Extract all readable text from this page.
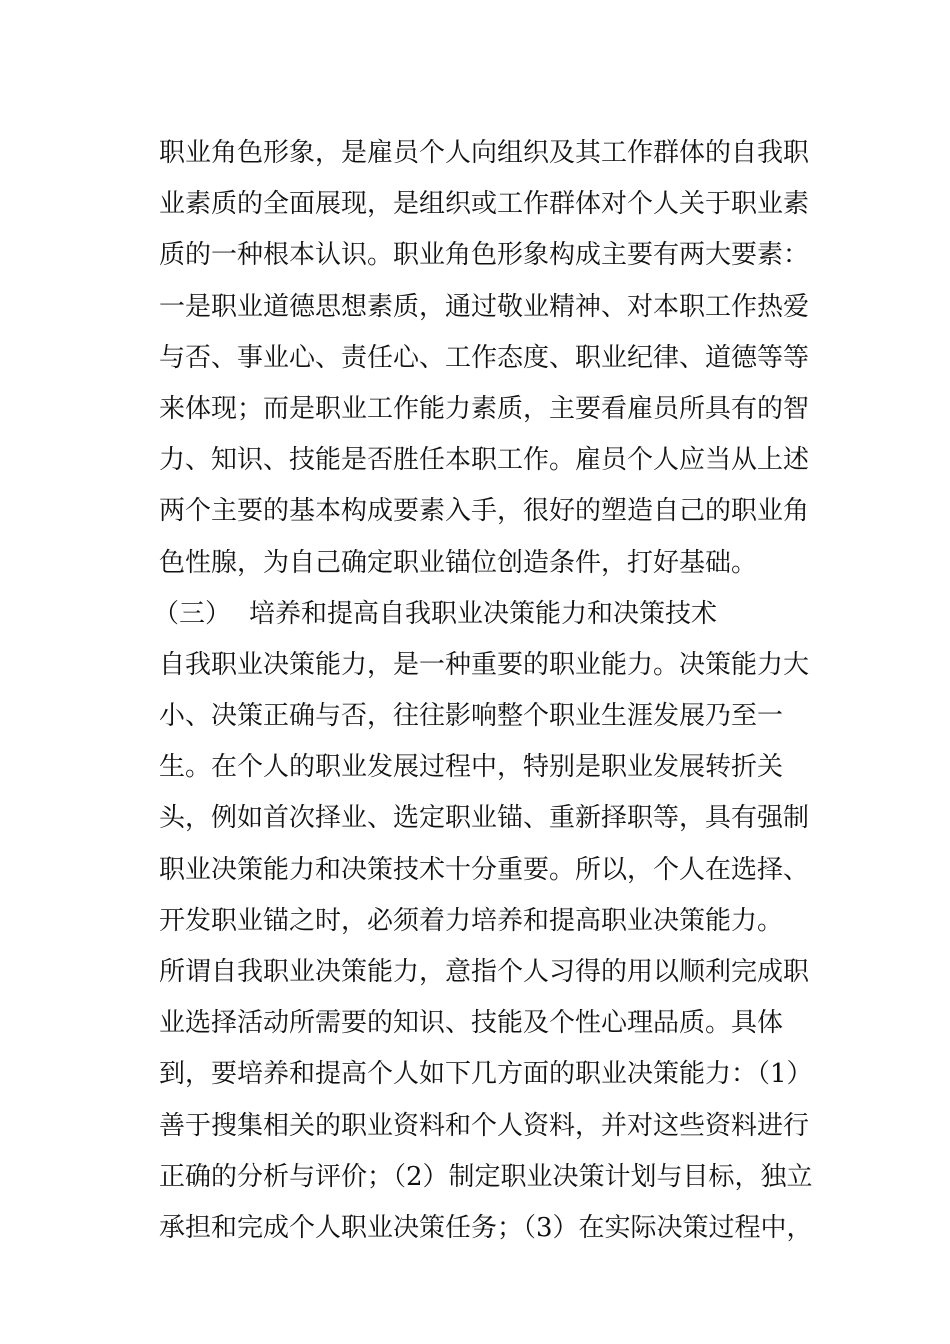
职业角色形象，是雇员个人向组织及其工作群体的自我职
业素质的全面展现，是组织或工作群体对个人关于职业素
质的一种根本认识。职业角色形象构成主要有两大要素：
一是职业道德思想素质，通过敬业精神、对本职工作热爱
与否、事业心、责任心、工作态度、职业纪律、道德等等
来体现；而是职业工作能力素质，主要看雇员所具有的智
力、知识、技能是否胜任本职工作。雇员个人应当从上述
两个主要的基本构成要素入手，很好的塑造自己的职业角
色性腺，为自己确定职业锚位创造条件，打好基础。
（三） 培养和提高自我职业决策能力和决策技术
自我职业决策能力，是一种重要的职业能力。决策能力大
小、决策正确与否，往往影响整个职业生涯发展乃至一
生。在个人的职业发展过程中，特别是职业发展转折关
头，例如首次择业、选定职业锚、重新择职等，具有强制
职业决策能力和决策技术十分重要。所以，个人在选择、
开发职业锚之时，必须着力培养和提高职业决策能力。
所谓自我职业决策能力，意指个人习得的用以顺利完成职
业选择活动所需要的知识、技能及个性心理品质。具体
到，要培养和提高个人如下几方面的职业决策能力：（1）
善于搜集相关的职业资料和个人资料，并对这些资料进行
正确的分析与评价；（2）制定职业决策计划与目标，独立
承担和完成个人职业决策任务；（3）在实际决策过程中，
